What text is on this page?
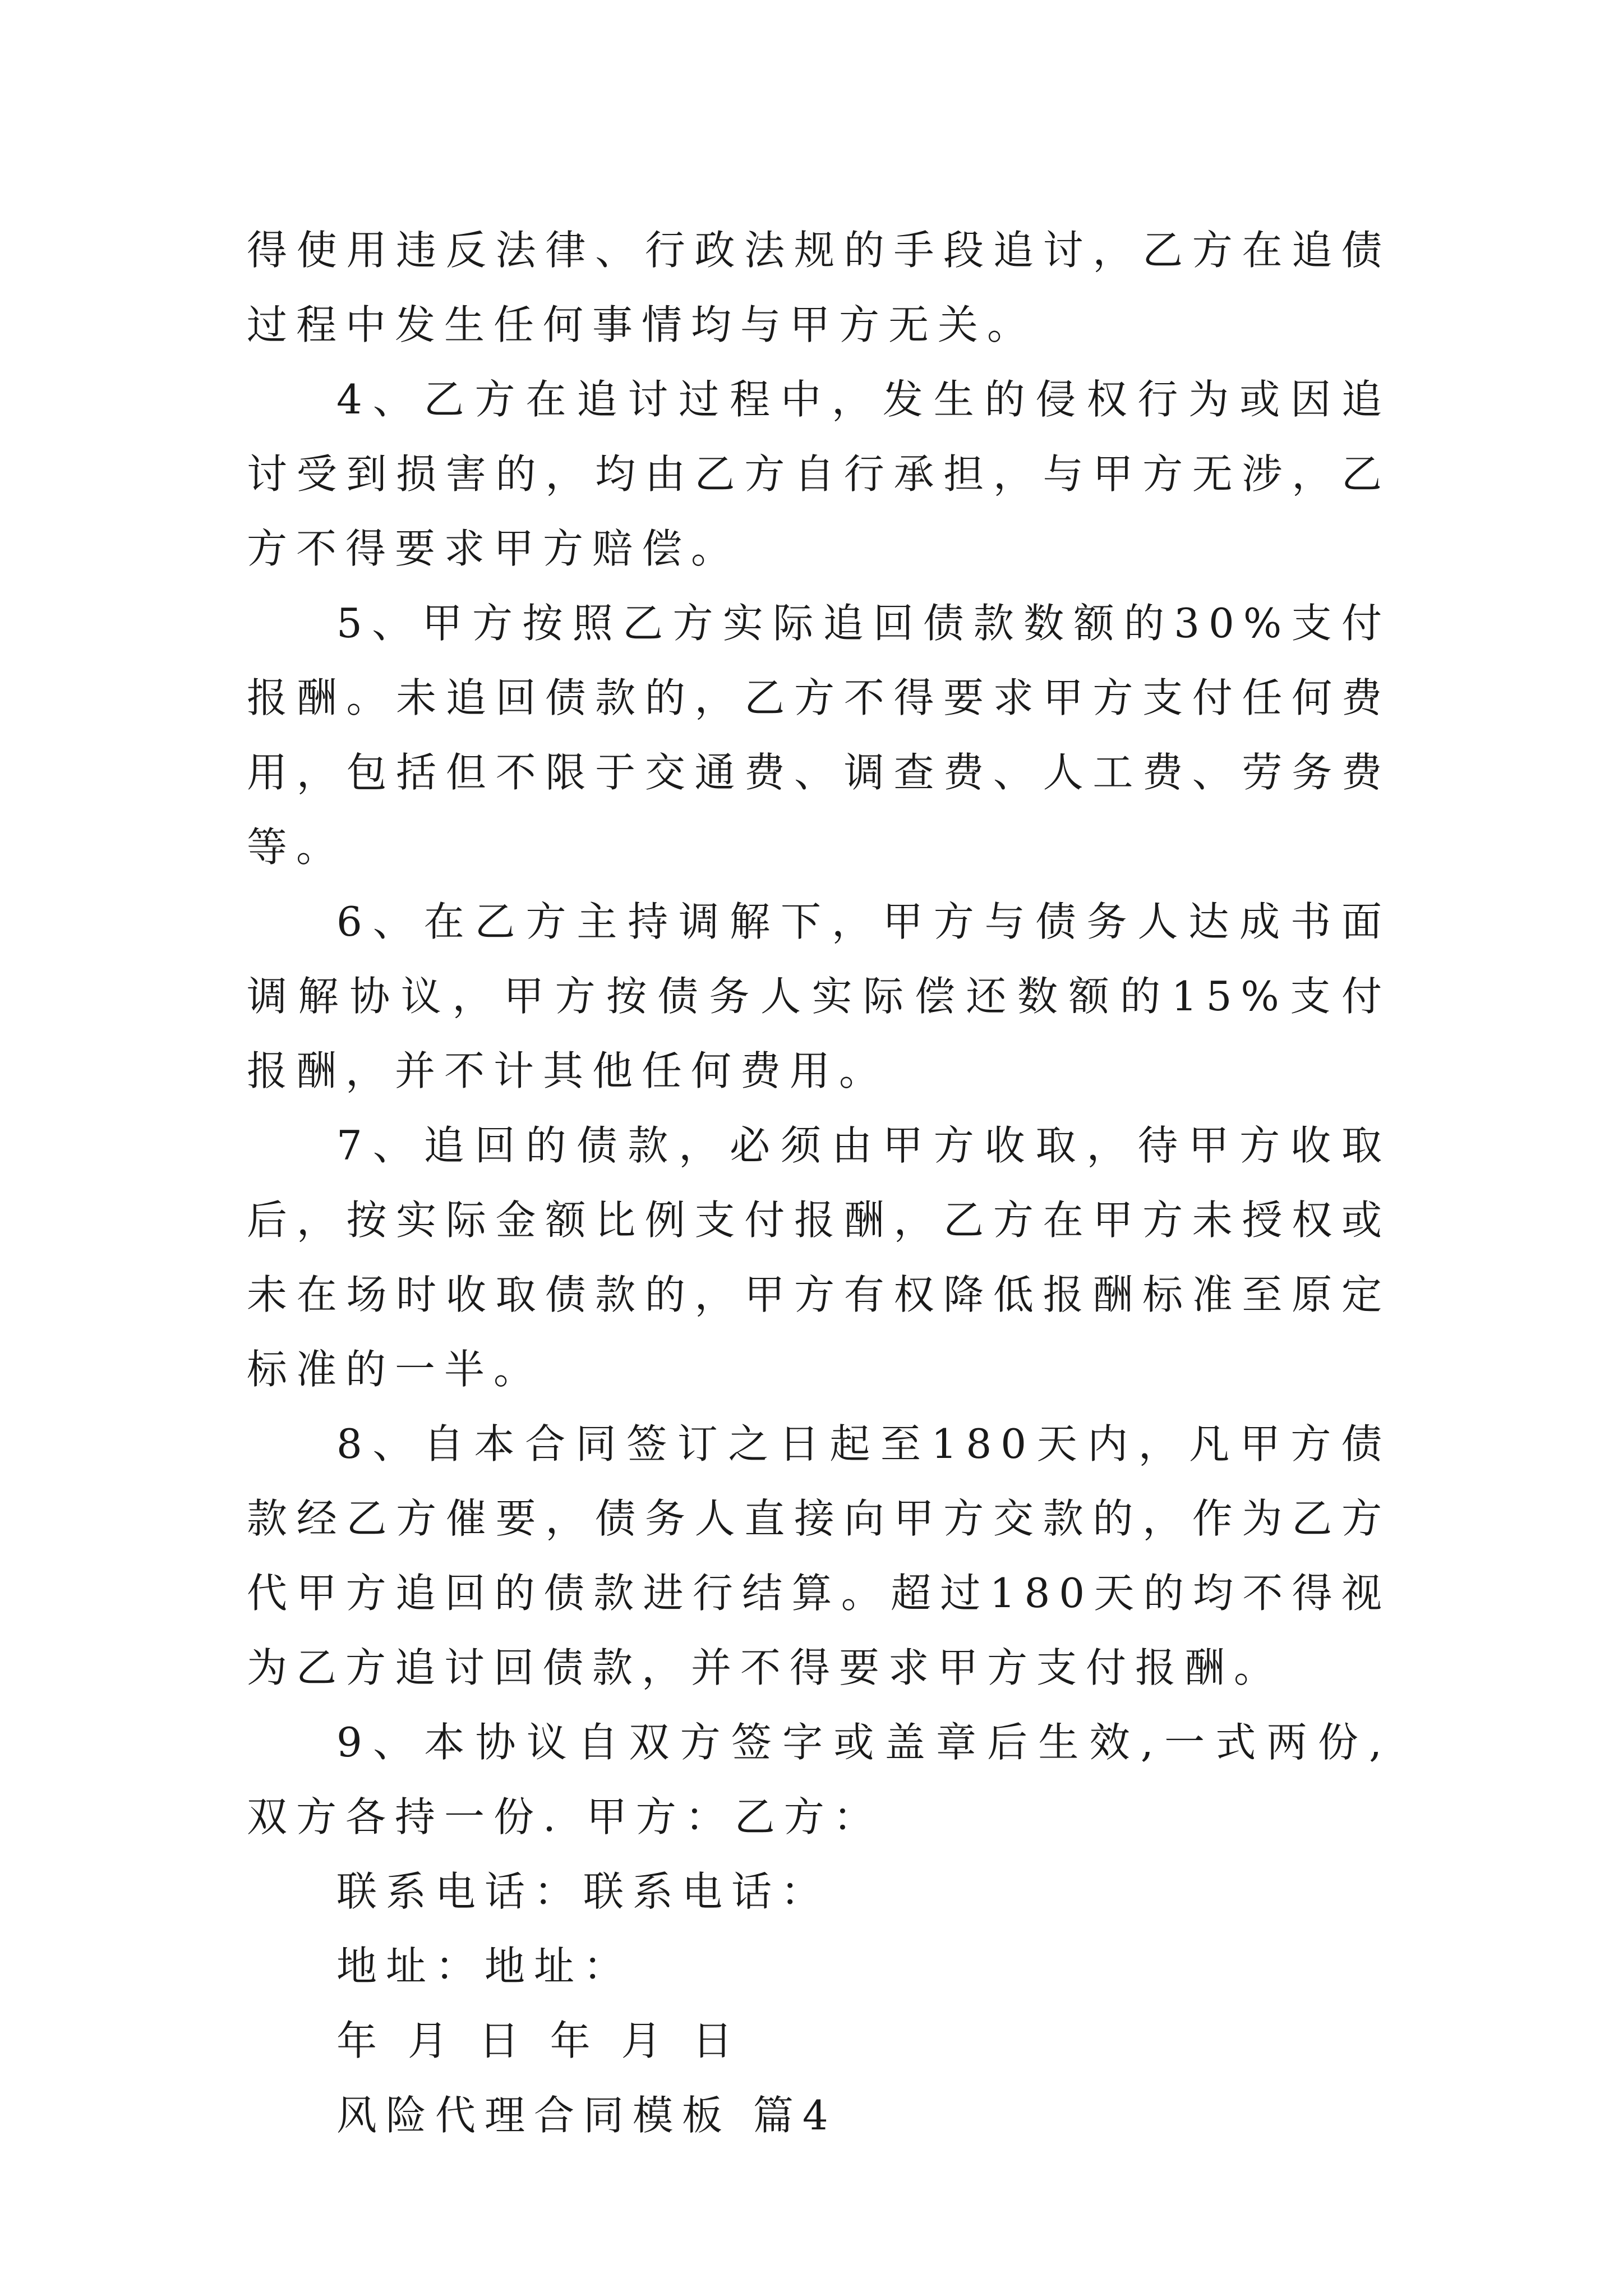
得使用违反法律、行政法规的手段追讨，乙方在追债过程中发生任何事情均与甲方无关。

4、乙方在追讨过程中，发生的侵权行为或因追讨受到损害的，均由乙方自行承担，与甲方无涉，乙方不得要求甲方赔偿。

5、甲方按照乙方实际追回债款数额的30%支付报酬。未追回债款的，乙方不得要求甲方支付任何费用，包括但不限于交通费、调查费、人工费、劳务费等。

6、在乙方主持调解下，甲方与债务人达成书面调解协议，甲方按债务人实际偿还数额的15%支付报酬，并不计其他任何费用。

7、追回的债款，必须由甲方收取，待甲方收取后，按实际金额比例支付报酬，乙方在甲方未授权或未在场时收取债款的，甲方有权降低报酬标准至原定标准的一半。

8、自本合同签订之日起至180天内，凡甲方债款经乙方催要，债务人直接向甲方交款的，作为乙方代甲方追回的债款进行结算。超过180天的均不得视为乙方追讨回债款，并不得要求甲方支付报酬。

9、本协议自双方签字或盖章后生效,一式两份,双方各持一份. 甲方：乙方：

联系电话：联系电话：

地址：地址：

年 月 日 年 月 日

风险代理合同模板 篇4
